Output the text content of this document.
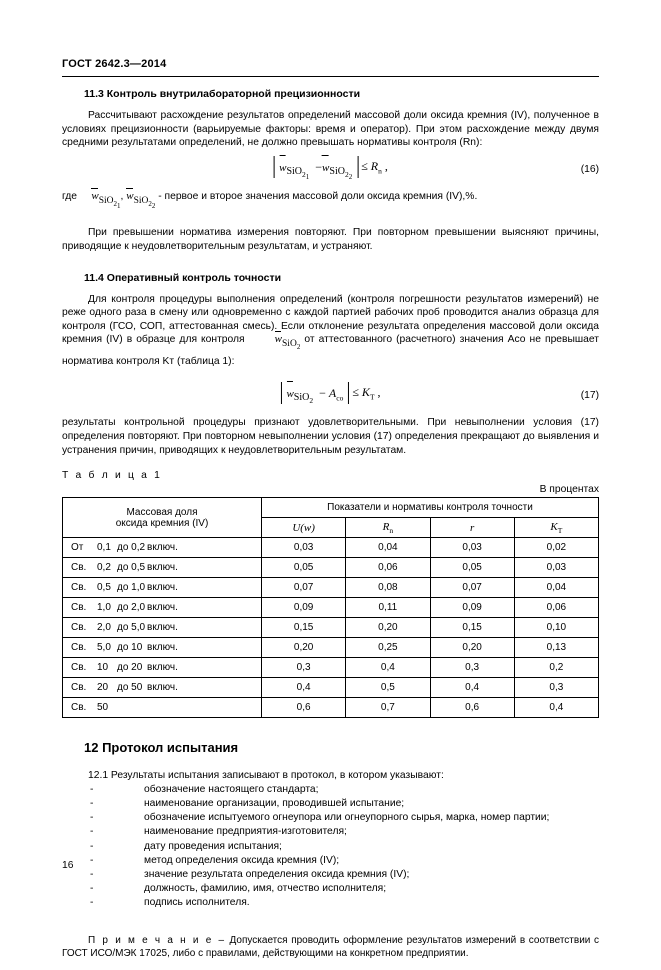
ГОСТ 2642.3—2014
11.3 Контроль внутрилабораторной прецизионности

Рассчитывают расхождение результатов определений массовой доли оксида кремния (IV), полученное в условиях прецизионности (варьируемые факторы: время и оператор). При этом расхождение между двумя средними результатами определений, не должно превышать нормативы контроля (Rn):

$w_{SiO_{21}} -w_{SiO_{22}}$
≤ $R_n$ ,	(16)

где wSiO$_{21}$, wSiO$_{22}$ - первое и второе значения массовой доли оксида кремния (IV),%.

При превышении норматива измерения повторяют. При повторном превышении выясняют причины, приводящие к неудовлетворительным результатам, и устраняют.

11.4 Оперативный контроль точности

Для контроля процедуры выполнения определений (контроля погрешности результатов измерений) не реже одного раза в смену или одновременно с каждой партией рабочих проб проводится анализ образца для контроля (ГСО, СОП, аттестованная смесь). Если отклонение результата определения массовой доли оксида кремния (IV) в образце для контроля	wSiO$_2$ от аттестованного (расчетного) значения Aсо не превышает норматива контроля Kт (таблица 1):

$w_{SiO_2} - A_{со} \le K_Т$ ,	(17)

результаты контрольной процедуры признают удовлетворительными. При невыполнении условия (17) определения повторяют. При повторном невыполнении условия (17) определения прекращают до выявления и устранения причин, приводящих к неудовлетворительным результатам.

Т а б л и ц а 1
В процентах
Массовая доля
оксида кремния (IV)	Показатели и нормативы контроля точности			
	U(w)	$R_n$	r	$K_Т$
От 0,1 до 0,2 включ.	0,03	0,04	0,03	0,02
Св. 0,2 до 0,5 включ.	0,05	0,06	0,05	0,03
Св. 0,5 до 1,0 включ.	0,07	0,08	0,07	0,04
Св. 1,0 до 2,0 включ.	0,09	0,11	0,09	0,06
Св. 2,0 до 5,0 включ.	0,15	0,20	0,15	0,10
Св. 5,0 до 10 включ.	0,20	0,25	0,20	0,13
Св. 10 до 20 включ.	0,3	0,4	0,3	0,2
Св. 20 до 50 включ.	0,4	0,5	0,4	0,3
Св. 50	0,6	0,7	0,6	0,4
12 Протокол испытания

12.1 Результаты испытания записывают в протокол, в котором указывают:

-	обозначение настоящего стандарта;
-	наименование организации, проводившей испытание;
-	обозначение испытуемого огнеупора или огнеупорного сырья, марка, номер партии;
-	наименование предприятия-изготовителя;
-	дату проведения испытания;
-	метод определения оксида кремния (IV);
-	значение результата определения оксида кремния (IV);
-	должность, фамилию, имя, отчество исполнителя;
-	подпись исполнителя.

П р и м е ч а н и е – Допускается проводить оформление результатов измерений в соответствии с ГОСТ ИСО/МЭК 17025, либо с правилами, действующими на конкретном предприятии.

16
